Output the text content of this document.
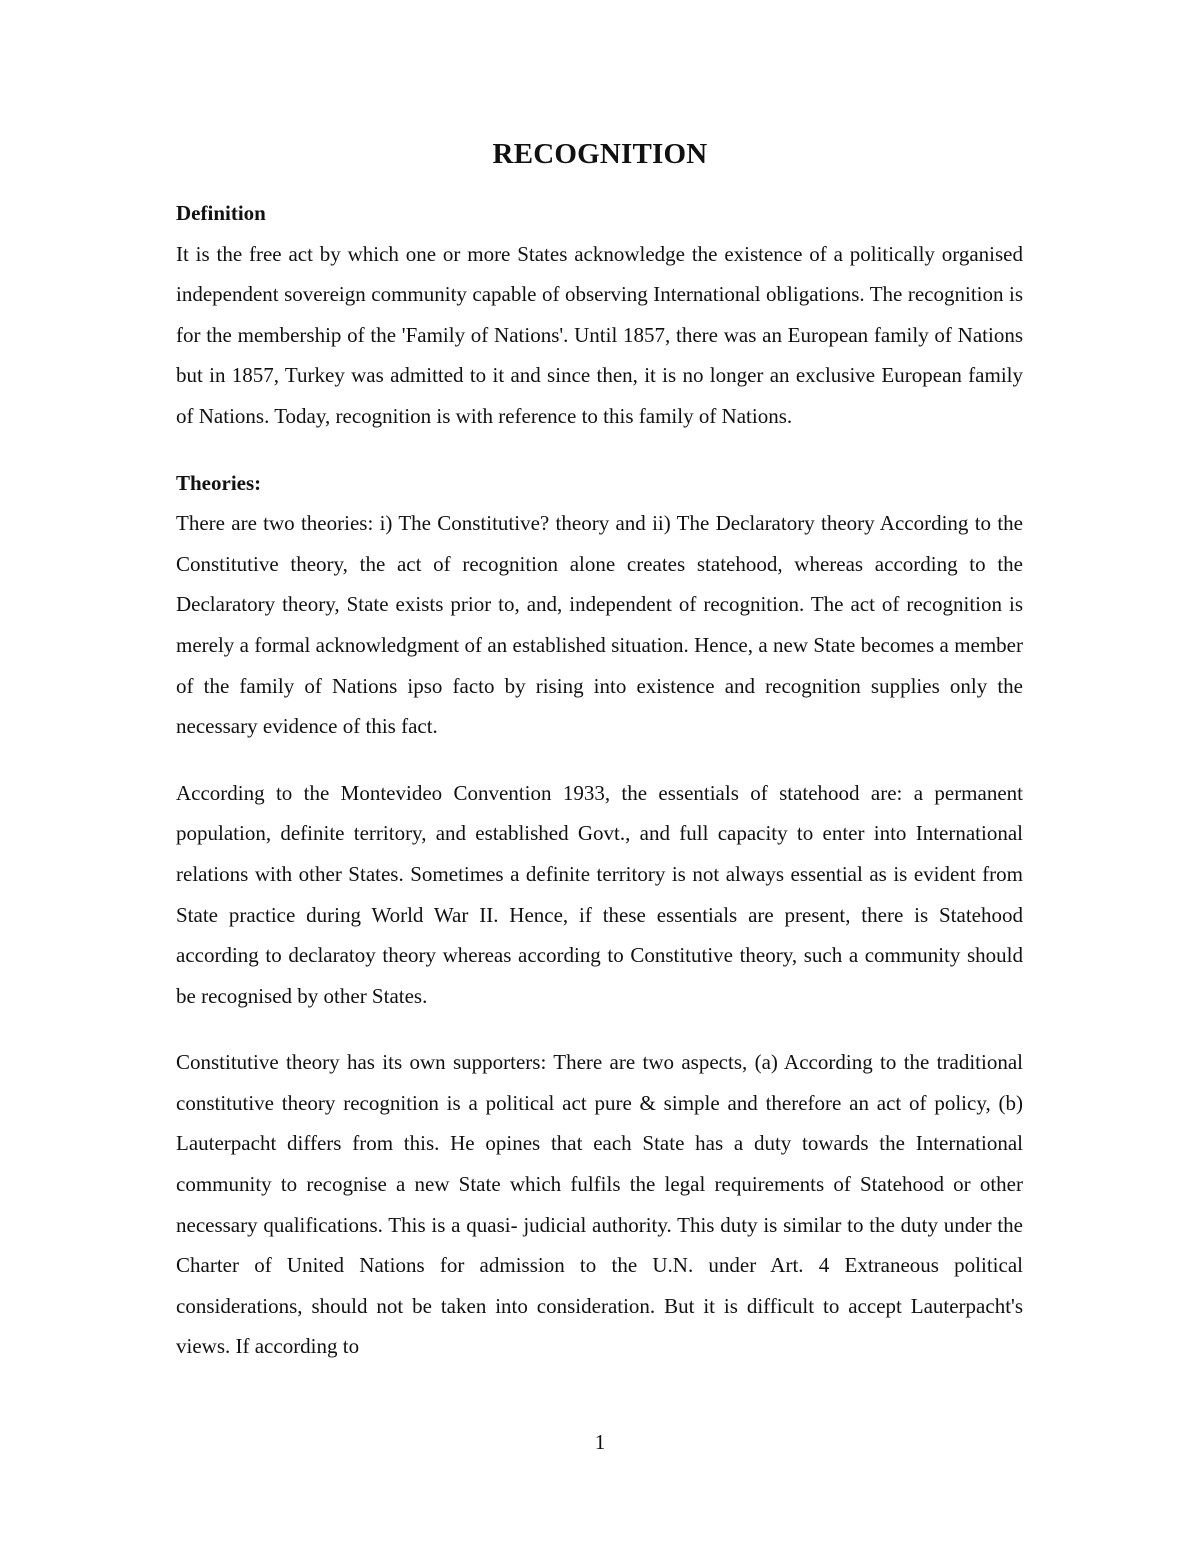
RECOGNITION

Definition

It is the free act by which one or more States acknowledge the existence of a politically organised independent sovereign community capable of observing International obligations. The recognition is for the membership of the 'Family of Nations'. Until 1857, there was an European family of Nations but in 1857, Turkey was admitted to it and since then, it is no longer an exclusive European family of Nations. Today, recognition is with reference to this family of Nations.

Theories:

There are two theories: i) The Constitutive? theory and ii) The Declaratory theory According to the Constitutive theory, the act of recognition alone creates statehood, whereas according to the Declaratory theory, State exists prior to, and, independent of recognition. The act of recognition is merely a formal acknowledgment of an established situation. Hence, a new State becomes a member of the family of Nations ipso facto by rising into existence and recognition supplies only the necessary evidence of this fact.

According to the Montevideo Convention 1933, the essentials of statehood are: a permanent population, definite territory, and established Govt., and full capacity to enter into International relations with other States. Sometimes a definite territory is not always essential as is evident from State practice during World War II. Hence, if these essentials are present, there is Statehood according to declaratoy theory whereas according to Constitutive theory, such a community should be recognised by other States.

Constitutive theory has its own supporters: There are two aspects, (a) According to the traditional constitutive theory recognition is a political act pure & simple and therefore an act of policy, (b) Lauterpacht differs from this. He opines that each State has a duty towards the International community to recognise a new State which fulfils the legal requirements of Statehood or other necessary qualifications. This is a quasi- judicial authority. This duty is similar to the duty under the Charter of United Nations for admission to the U.N. under Art. 4 Extraneous political considerations, should not be taken into consideration. But it is difficult to accept Lauterpacht's views. If according to

1
